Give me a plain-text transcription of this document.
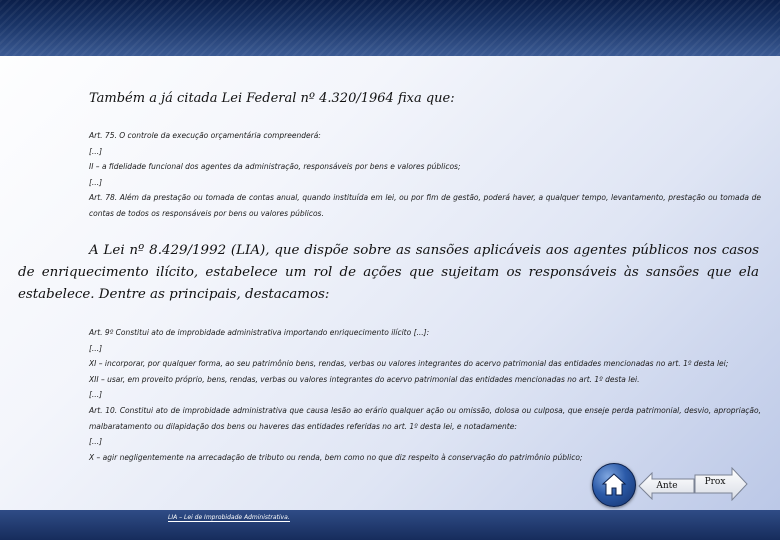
Também a já citada Lei Federal nº 4.320/1964 fixa que:

Art. 75. O controle da execução orçamentária compreenderá:

[...]

II – a fidelidade funcional dos agentes da administração, responsáveis por bens e valores públicos;

[...]

Art. 78. Além da prestação ou tomada de contas anual, quando instituída em lei, ou por fim de gestão, poderá haver, a qualquer tempo, levantamento, prestação ou tomada de contas de todos os responsáveis por bens ou valores públicos.

A Lei nº 8.429/1992 (LIA), que dispõe sobre as sansões aplicáveis aos agentes públicos nos casos de enriquecimento ilícito, estabelece um rol de ações que sujeitam os responsáveis às sansões que ela estabelece. Dentre as principais, destacamos:

Art. 9º Constitui ato de improbidade administrativa importando enriquecimento ilícito [...]:

[...]

XI – incorporar, por qualquer forma, ao seu patrimônio bens, rendas, verbas ou valores integrantes do acervo patrimonial das entidades mencionadas no art. 1º desta lei;

XII – usar, em proveito próprio, bens, rendas, verbas ou valores integrantes do acervo patrimonial das entidades mencionadas no art. 1º desta lei.

[...]

Art. 10. Constitui ato de improbidade administrativa que causa lesão ao erário qualquer ação ou omissão, dolosa ou culposa, que enseje perda patrimonial, desvio, apropriação, malbaratamento ou dilapidação dos bens ou haveres das entidades referidas no art. 1º desta lei, e notadamente:

[...]

X – agir negligentemente na arrecadação de tributo ou renda, bem como no que diz respeito à conservação do patrimônio público;

Ante	Prox
LIA – Lei de Improbidade Administrativa.
